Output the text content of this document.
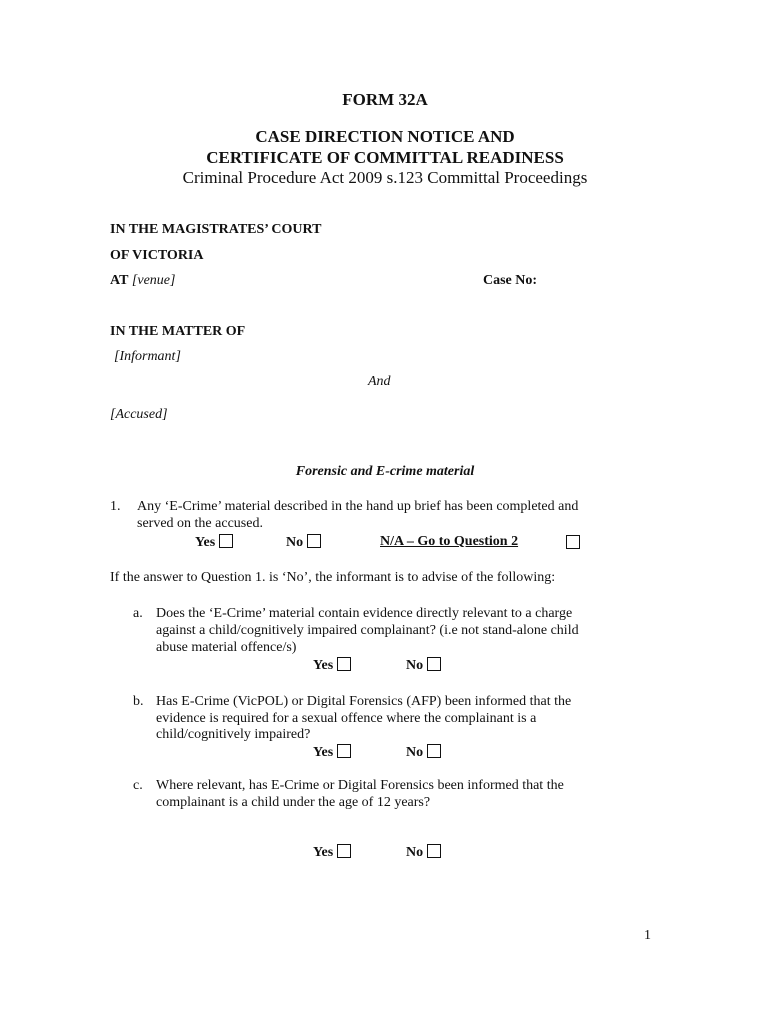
FORM 32A
CASE DIRECTION NOTICE AND
CERTIFICATE OF COMMITTAL READINESS
Criminal Procedure Act 2009 s.123 Committal Proceedings
IN THE MAGISTRATES’ COURT
OF VICTORIA
AT [venue]	Case No:
IN THE MATTER OF
[Informant]
And
[Accused]
Forensic and E-crime material
1. Any ‘E-Crime’ material described in the hand up brief has been completed and
served on the accused.
Yes	No	N/A – Go to Question 2
If the answer to Question 1. is ‘No’, the informant is to advise of the following:
a. Does the ‘E-Crime’ material contain evidence directly relevant to a charge
against a child/cognitively impaired complainant? (i.e not stand-alone child
abuse material offence/s)
Yes	No
b. Has E-Crime (VicPOL) or Digital Forensics (AFP) been informed that the
evidence is required for a sexual offence where the complainant is a
child/cognitively impaired?
Yes	No
c. Where relevant, has E-Crime or Digital Forensics been informed that the
complainant is a child under the age of 12 years?
Yes	No
1
